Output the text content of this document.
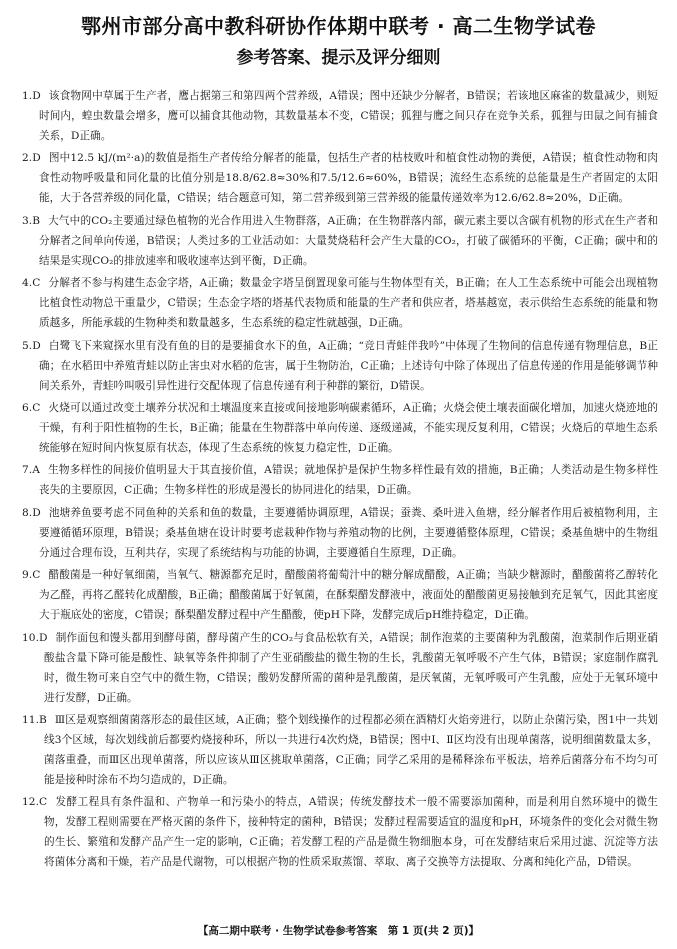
鄂州市部分高中教科研协作体期中联考 · 高二生物学试卷
参考答案、提示及评分细则
1.D 该食物网中草属于生产者，鹰占据第三和第四两个营养级，A错误；图中还缺少分解者，B错误；若该地区麻雀的数量减少，则短时间内，蝗虫数量会增多，鹰可以捕食其他动物，其数量基本不变，C错误；狐狸与鹰之间只存在竞争关系，狐狸与田鼠之间有捕食关系，D正确。
2.D 图中12.5 kJ/(m²·a)的数值是指生产者传给分解者的能量，包括生产者的枯枝败叶和植食性动物的粪便，A错误；植食性动物和肉食性动物呼吸量和同化量的比值分别是18.8/62.8≈30%和7.5/12.6≈60%，B错误；流经生态系统的总能量是生产者固定的太阳能，大于各营养级的同化量，C错误；结合题意可知，第二营养级到第三营养级的能量传递效率为12.6/62.8≈20%，D正确。
3.B 大气中的CO₂主要通过绿色植物的光合作用进入生物群落，A正确；在生物群落内部，碳元素主要以含碳有机物的形式在生产者和分解者之间单向传递，B错误；人类过多的工业活动如：大量焚烧秸秆会产生大量的CO₂，打破了碳循环的平衡，C正确；碳中和的结果是实现CO₂的排放速率和吸收速率达到平衡，D正确。
4.C 分解者不参与构建生态金字塔，A正确；数量金字塔呈倒置现象可能与生物体型有关，B正确；在人工生态系统中可能会出现植物比植食性动物总干重量少，C错误；生态金字塔的塔基代表物质和能量的生产者和供应者，塔基越宽，表示供给生态系统的能量和物质越多，所能承载的生物种类和数量越多，生态系统的稳定性就越强，D正确。
5.D 白鹭飞下来窥探水里有没有鱼的目的是要捕食水下的鱼，A正确；“竞日青蛙伴我吟”中体现了生物间的信息传递有物理信息，B正确；在水稻田中养殖青蛙以防止害虫对水稻的危害，属于生物防治，C正确；上述诗句中除了体现出了信息传递的作用是能够调节种间关系外，青蛙吟叫吸引异性进行交配体现了信息传递有利于种群的繁衍，D错误。
6.C 火烧可以通过改变土壤养分状况和土壤温度来直接或间接地影响碳素循环，A正确；火烧会使土壤表面碳化增加，加速火烧迹地的干燥，有利于阳性植物的生长，B正确；能量在生物群落中单向传递、逐级递减，不能实现反复利用，C错误；火烧后的草地生态系统能够在短时间内恢复原有状态，体现了生态系统的恢复力稳定性，D正确。
7.A 生物多样性的间接价值明显大于其直接价值，A错误；就地保护是保护生物多样性最有效的措施，B正确；人类活动是生物多样性丧失的主要原因，C正确；生物多样性的形成是漫长的协同进化的结果，D正确。
8.D 池塘养鱼要考虑不同鱼种的关系和鱼的数量，主要遵循协调原理，A错误；蚕粪、桑叶进入鱼塘，经分解者作用后被植物利用，主要遵循循环原理，B错误；桑基鱼塘在设计时要考虑栽种作物与养殖动物的比例，主要遵循整体原理，C错误；桑基鱼塘中的生物组分通过合理布设，互利共存，实现了系统结构与功能的协调，主要遵循自生原理，D正确。
9.C 醋酸菌是一种好氧细菌，当氧气、糖源都充足时，醋酸菌将葡萄汁中的糖分解成醋酸，A正确；当缺少糖源时，醋酸菌将乙醇转化为乙醛，再将乙醛转化成醋酸，B正确；醋酸菌属于好氧菌，在酥梨醋发酵液中，液面处的醋酸菌更易接触到充足氧气，因此其密度大于瓶底处的密度，C错误；酥梨醋发酵过程中产生醋酸，使pH下降，发酵完成后pH维持稳定，D正确。
10.D 制作面包和馒头都用到酵母菌，酵母菌产生的CO₂与食品松软有关，A错误；制作泡菜的主要菌种为乳酸菌，泡菜制作后期亚硝酸盐含量下降可能是酸性、缺氧等条件抑制了产生亚硝酸盐的微生物的生长，乳酸菌无氧呼吸不产生气体，B错误；家庭制作腐乳时，微生物可来自空气中的微生物，C错误；酸奶发酵所需的菌种是乳酸菌，是厌氧菌，无氧呼吸可产生乳酸，应处于无氧环境中进行发酵，D正确。
11.B Ⅲ区是观察细菌菌落形态的最佳区域，A正确；整个划线操作的过程都必须在酒精灯火焰旁进行，以防止杂菌污染，图1中一共划线3个区域，每次划线前后都要灼烧接种环，所以一共进行4次灼烧，B错误；图中Ⅰ、Ⅱ区均没有出现单菌落，说明细菌数量太多，菌落重叠，而Ⅲ区出现单菌落，所以应该从Ⅲ区挑取单菌落，C正确；同学乙采用的是稀释涂布平板法，培养后菌落分布不均匀可能是接种时涂布不均匀造成的，D正确。
12.C 发酵工程具有条件温和、产物单一和污染小的特点，A错误；传统发酵技术一般不需要添加菌种，而是利用自然环境中的微生物，发酵工程则需要在严格灭菌的条件下，接种特定的菌种，B错误；发酵过程需要适宜的温度和pH，环境条件的变化会对微生物的生长、繁殖和发酵产品产生一定的影响，C正确；若发酵工程的产品是微生物细胞本身，可在发酵结束后采用过滤、沉淀等方法将菌体分离和干燥，若产品是代谢物，可以根据产物的性质采取蒸馏、萃取、离子交换等方法提取、分离和纯化产品，D错误。
【高二期中联考 · 生物学试卷参考答案　第 1 页(共 2 页)】
